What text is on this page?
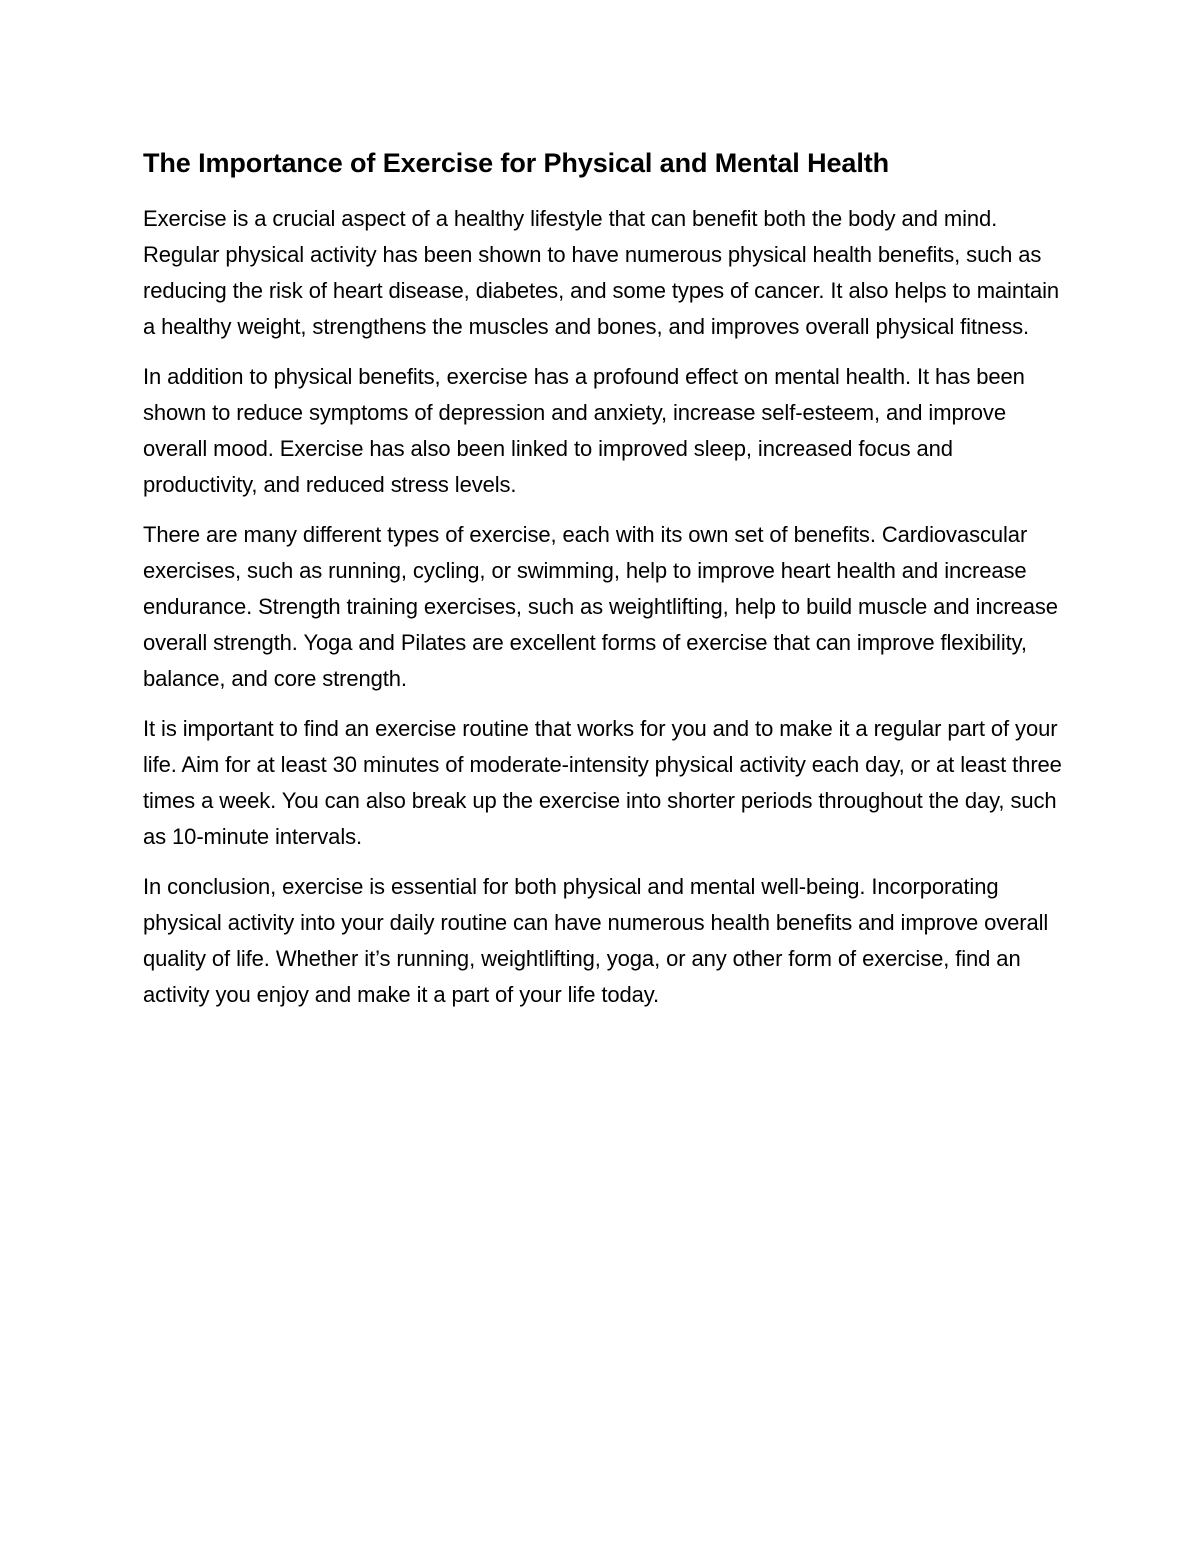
The Importance of Exercise for Physical and Mental Health

Exercise is a crucial aspect of a healthy lifestyle that can benefit both the body and mind. Regular physical activity has been shown to have numerous physical health benefits, such as reducing the risk of heart disease, diabetes, and some types of cancer. It also helps to maintain a healthy weight, strengthens the muscles and bones, and improves overall physical fitness.

In addition to physical benefits, exercise has a profound effect on mental health. It has been shown to reduce symptoms of depression and anxiety, increase self-esteem, and improve overall mood. Exercise has also been linked to improved sleep, increased focus and productivity, and reduced stress levels.

There are many different types of exercise, each with its own set of benefits. Cardiovascular exercises, such as running, cycling, or swimming, help to improve heart health and increase endurance. Strength training exercises, such as weightlifting, help to build muscle and increase overall strength. Yoga and Pilates are excellent forms of exercise that can improve flexibility, balance, and core strength.

It is important to find an exercise routine that works for you and to make it a regular part of your life. Aim for at least 30 minutes of moderate-intensity physical activity each day, or at least three times a week. You can also break up the exercise into shorter periods throughout the day, such as 10-minute intervals.

In conclusion, exercise is essential for both physical and mental well-being. Incorporating physical activity into your daily routine can have numerous health benefits and improve overall quality of life. Whether it’s running, weightlifting, yoga, or any other form of exercise, find an activity you enjoy and make it a part of your life today.
